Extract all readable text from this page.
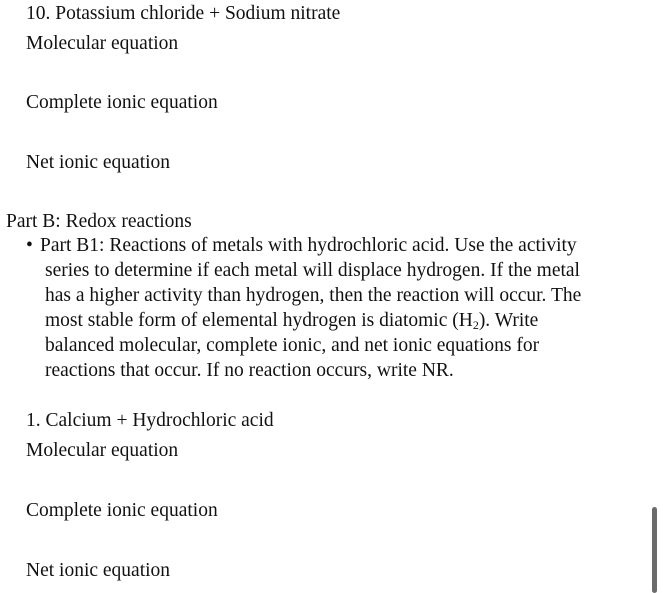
10. Potassium chloride + Sodium nitrate
Molecular equation
Complete ionic equation
Net ionic equation
Part B: Redox reactions
• Part B1: Reactions of metals with hydrochloric acid. Use the activity
series to determine if each metal will displace hydrogen. If the metal
has a higher activity than hydrogen, then the reaction will occur. The
most stable form of elemental hydrogen is diatomic $(H_2)$. Write
balanced molecular, complete ionic, and net ionic equations for
reactions that occur. If no reaction occurs, write NR.
1. Calcium + Hydrochloric acid
Molecular equation
Complete ionic equation
Net ionic equation
